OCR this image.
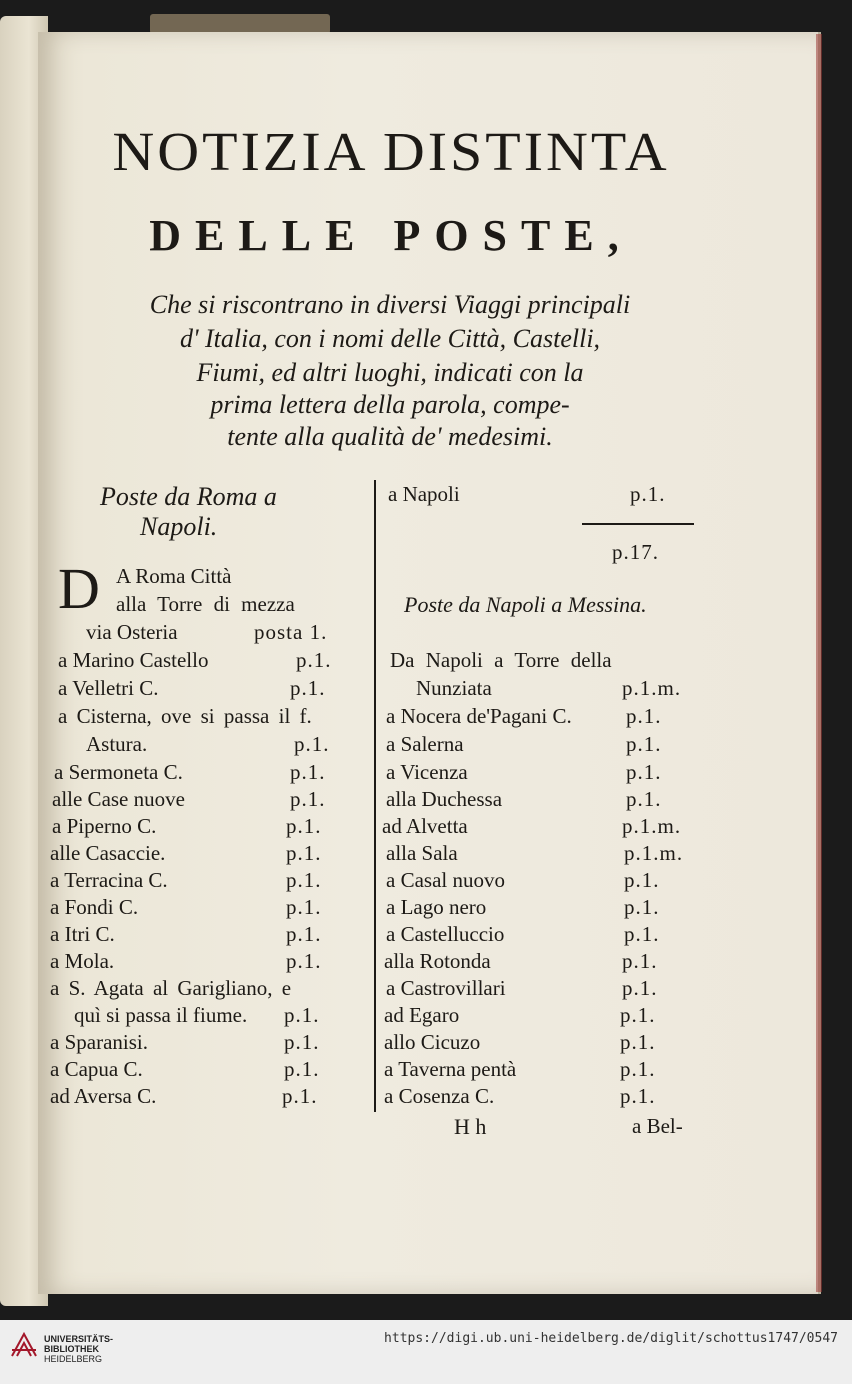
NOTIZIA DISTINTA
DELLE POSTE,
Che si riscontrano in diversi Viaggi principali
d' Italia, con i nomi delle Città, Castelli,
Fiumi, ed altri luoghi, indicati con la
prima lettera della parola, compe-
tente alla qualità de' medesimi.
Poste da Roma a
Napoli.
D A Roma Città
alla Torre di mezza
via Osteria	posta 1.
a Marino Castello	p.1.
a Velletri C.	p.1.
a Cisterna, ove si passa il f.
Astura.	p.1.
a Sermoneta C.	p.1.
alle Case nuove	p.1.
a Piperno C.	p.1.
alle Casaccie.	p.1.
a Terracina C.	p.1.
a Fondi C.	p.1.
a Itri C.	p.1.
a Mola.	p.1.
a S. Agata al Garigliano, e
quì si passa il fiume. p.1.
a Sparanisi.	p.1.
a Capua C.	p.1.
ad Aversa C.	p.1.
a Napoli	p.1.
p.17.
Poste da Napoli a Messina.
Da Napoli a Torre della
Nunziata	p.1.m.
a Nocera de'Pagani C.	p.1.
a Salerna	p.1.
a Vicenza	p.1.
alla Duchessa	p.1.
ad Alvetta	p.1.m.
alla Sala	p.1.m.
a Casal nuovo	p.1.
a Lago nero	p.1.
a Castelluccio	p.1.
alla Rotonda	p.1.
a Castrovillari	p.1.
ad Egaro	p.1.
allo Cicuzo	p.1.
a Taverna pentà	p.1.
a Cosenza C.	p.1.
H h	a Bel-
UNIVERSITÄTS-
BIBLIOTHEK
HEIDELBERG
https://digi.ub.uni-heidelberg.de/diglit/schottus1747/0547
